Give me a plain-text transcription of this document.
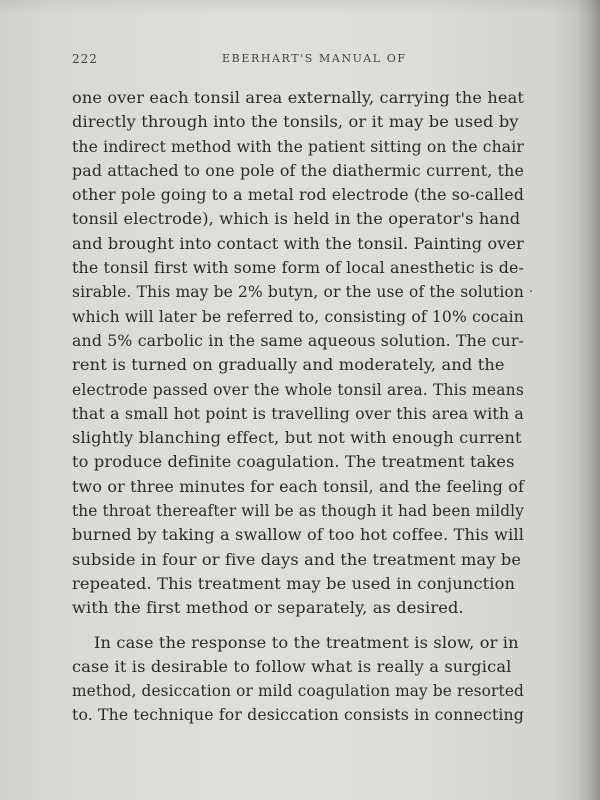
222	EBERHART'S MANUAL OF
one over each tonsil area externally, carrying the heat
directly through into the tonsils, or it may be used by
the indirect method with the patient sitting on the chair
pad attached to one pole of the diathermic current, the
other pole going to a metal rod electrode (the so-called
tonsil electrode), which is held in the operator's hand
and brought into contact with the tonsil. Painting over
the tonsil first with some form of local anesthetic is de-
sirable. This may be 2% butyn, or the use of the solution
which will later be referred to, consisting of 10% cocain
and 5% carbolic in the same aqueous solution. The cur-
rent is turned on gradually and moderately, and the
electrode passed over the whole tonsil area. This means
that a small hot point is travelling over this area with a
slightly blanching effect, but not with enough current
to produce definite coagulation. The treatment takes
two or three minutes for each tonsil, and the feeling of
the throat thereafter will be as though it had been mildly
burned by taking a swallow of too hot coffee. This will
subside in four or five days and the treatment may be
repeated. This treatment may be used in conjunction
with the first method or separately, as desired.
In case the response to the treatment is slow, or in
case it is desirable to follow what is really a surgical
method, desiccation or mild coagulation may be resorted
to. The technique for desiccation consists in connecting
